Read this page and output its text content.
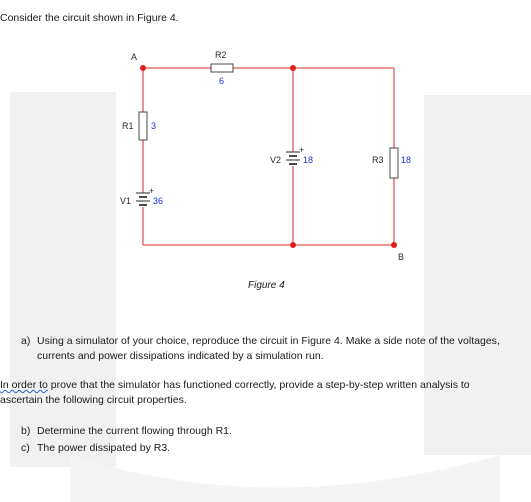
Consider the circuit shown in Figure 4.
A	R2
6
R1 3
+
V1 36
+
V2 18	R3 18
B
Figure 4
a) Using a simulator of your choice, reproduce the circuit in Figure 4. Make a side note of the voltages,
currents and power dissipations indicated by a simulation run.
In order to prove that the simulator has functioned correctly, provide a step-by-step written analysis to
ascertain the following circuit properties.
b) Determine the current flowing through R1.
c) The power dissipated by R3.
